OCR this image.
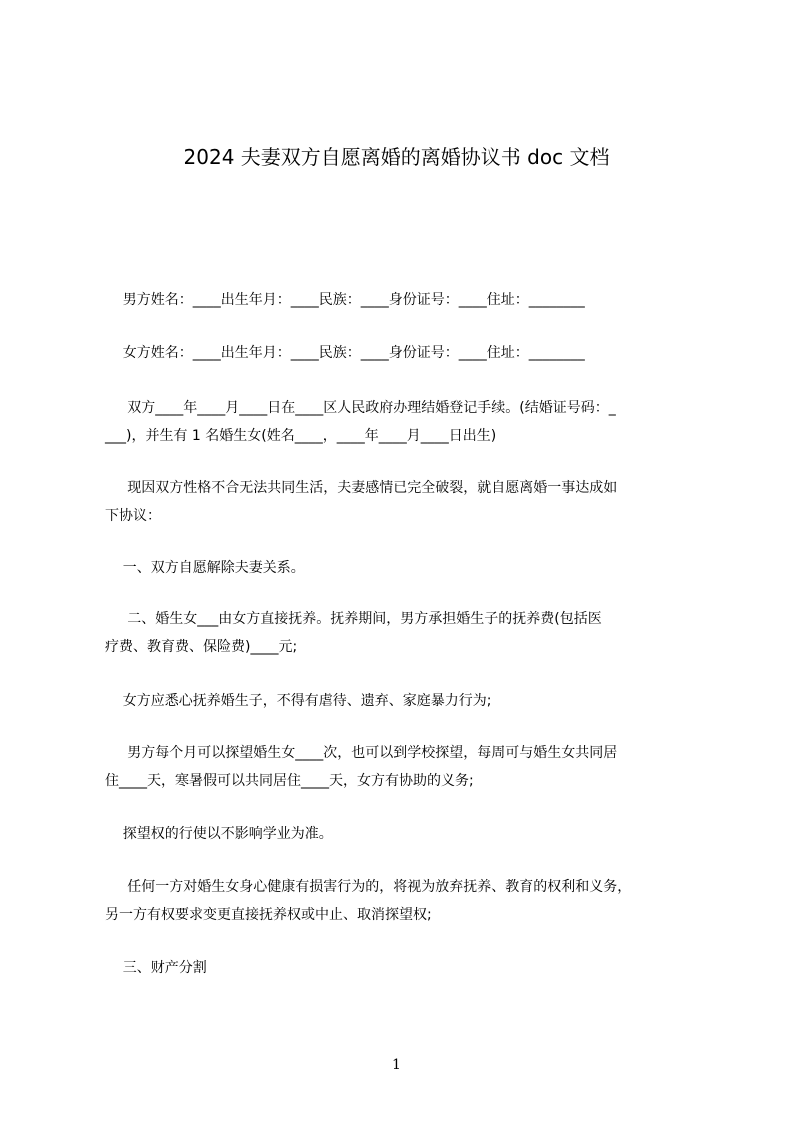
2024 夫妻双方自愿离婚的离婚协议书 doc 文档

男方姓名：____出生年月：____民族：____身份证号：____住址：________

女方姓名：____出生年月：____民族：____身份证号：____住址：________

双方____年____月____日在____区人民政府办理结婚登记手续。(结婚证号码：_
___)，并生有 1 名婚生女(姓名____，____年____月____日出生)

现因双方性格不合无法共同生活，夫妻感情已完全破裂，就自愿离婚一事达成如
下协议：

一、双方自愿解除夫妻关系。

二、婚生女___由女方直接抚养。抚养期间，男方承担婚生子的抚养费(包括医
疗费、教育费、保险费)____元;

女方应悉心抚养婚生子，不得有虐待、遗弃、家庭暴力行为;

男方每个月可以探望婚生女____次，也可以到学校探望，每周可与婚生女共同居
住____天，寒暑假可以共同居住____天，女方有协助的义务;

探望权的行使以不影响学业为准。

任何一方对婚生女身心健康有损害行为的，将视为放弃抚养、教育的权利和义务，
另一方有权要求变更直接抚养权或中止、取消探望权;

三、财产分割

1
